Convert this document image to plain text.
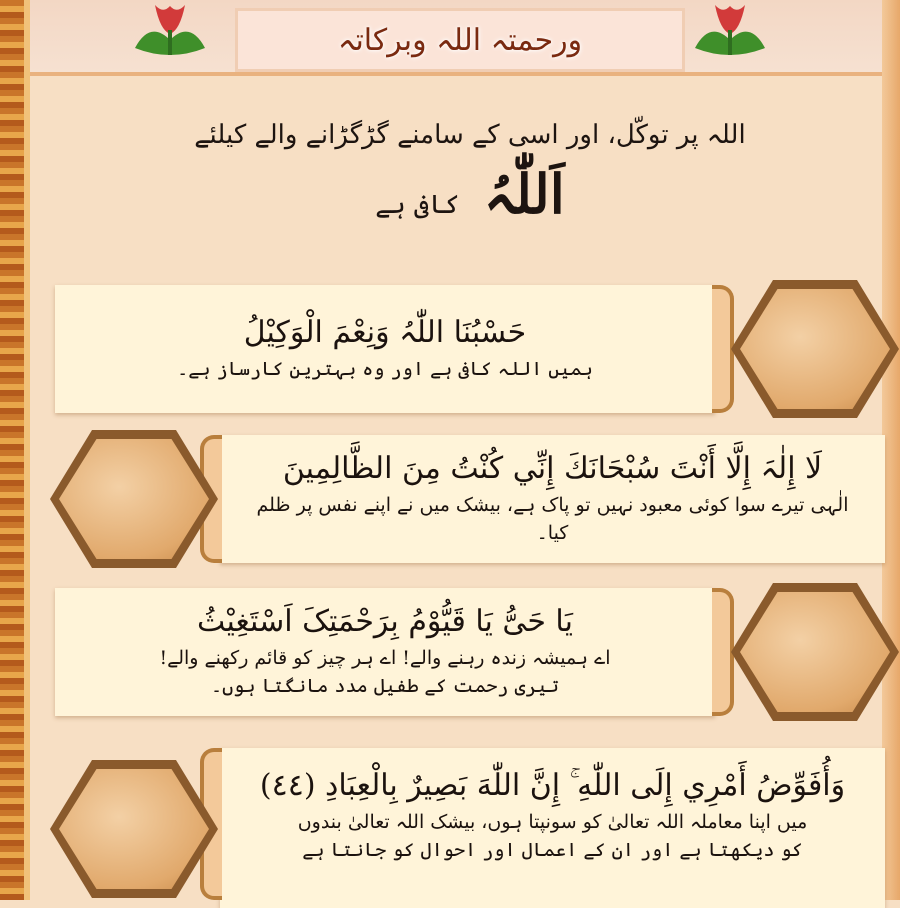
ورحمتہ اللہ وبرکاتہ
اللہ پر توکّل، اور اسی کے سامنے گڑگڑانے والے کیلئے
اَللّٰہُ
کافی ہے
حَسْبُنَا اللّٰہُ وَنِعْمَ الْوَکِیْلُ
ہمیں اللہ کافی ہے اور وہ بہترین کارساز ہے۔
لَا إِلٰہَ إِلَّا أَنْتَ سُبْحَانَكَ إِنِّي كُنْتُ مِنَ الظَّالِمِينَ
الٰہی تیرے سوا کوئی معبود نہیں تو پاک ہے، بیشک میں نے اپنے نفس پر ظلم کیا۔
یَا حَیُّ یَا قَیُّوْمُ بِرَحْمَتِکَ اَسْتَغِیْثُ
اے ہمیشہ زندہ رہنے والے! اے ہر چیز کو قائم رکھنے والے!
تیری رحمت کے طفیل مدد مانگتا ہوں۔
وَأُفَوِّضُ أَمْرِي إِلَى اللّٰهِ ۚ إِنَّ اللّٰهَ بَصِيرٌ بِالْعِبَادِ (٤٤)
میں اپنا معاملہ اللہ تعالیٰ کو سونپتا ہوں، بیشک اللہ تعالیٰ بندوں
کو دیکھتا ہے اور ان کے اعمال اور احوال کو جانتا ہے
